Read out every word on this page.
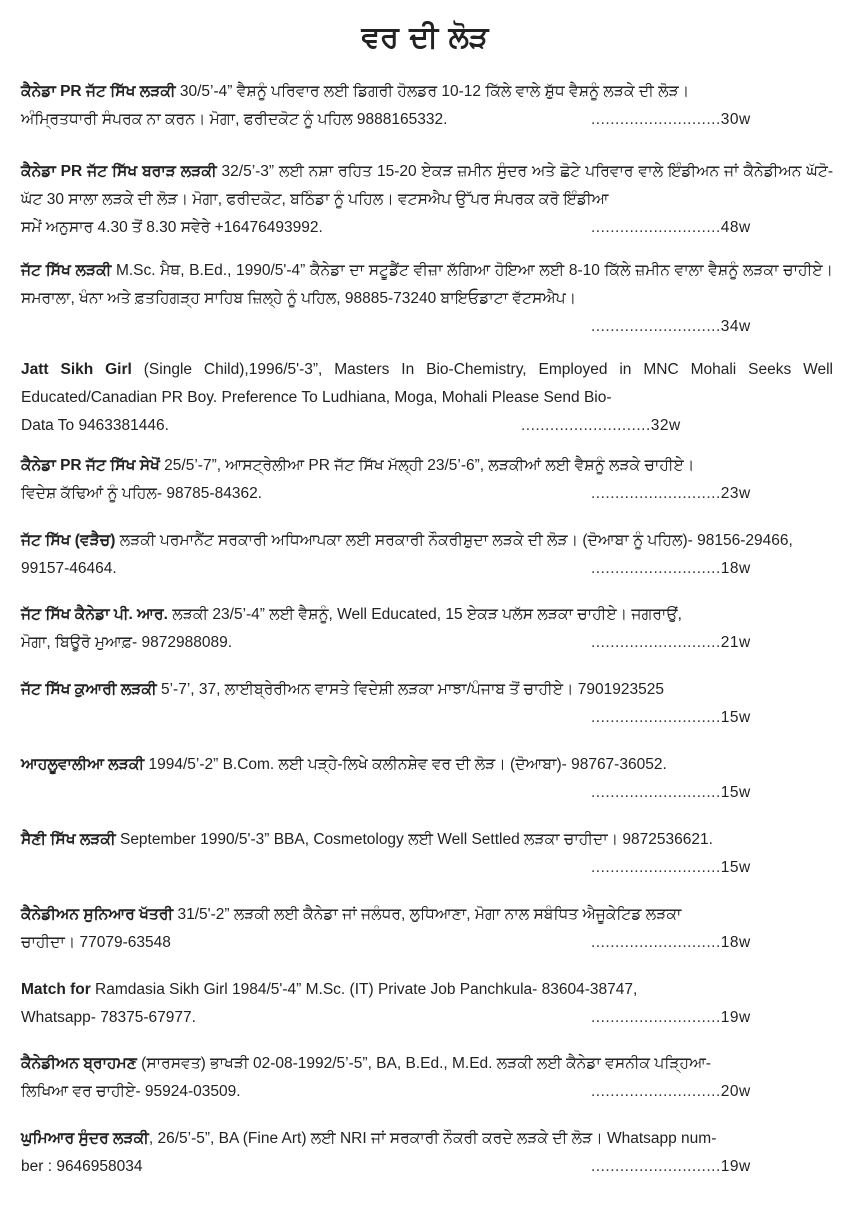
ਵਰ ਦੀ ਲੋੜ
ਕੈਨੇਡਾ PR ਜੱਟ ਸਿੱਖ ਲੜਕੀ 30/5’-4” ਵੈਸ਼ਨੂੰ ਪਰਿਵਾਰ ਲਈ ਡਿਗਰੀ ਹੋਲਡਰ 10-12 ਕਿੱਲੇ ਵਾਲੇ ਸ਼ੁੱਧ ਵੈਸ਼ਨੂੰ ਲੜਕੇ ਦੀ ਲੋੜ।
ਅੰਮ੍ਰਿਤਧਾਰੀ ਸੰਪਰਕ ਨਾ ਕਰਨ। ਮੋਗਾ, ਫਰੀਦਕੋਟ ਨੂੰ ਪਹਿਲ 9888165332.	...........................30w
ਕੈਨੇਡਾ PR ਜੱਟ ਸਿੱਖ ਬਰਾੜ ਲੜਕੀ 32/5’-3” ਲਈ ਨਸ਼ਾ ਰਹਿਤ 15-20 ਏਕੜ ਜ਼ਮੀਨ ਸੁੰਦਰ ਅਤੇ ਛੋਟੇ ਪਰਿਵਾਰ ਵਾਲੇ ਇੰਡੀਅਨ ਜਾਂ ਕੈਨੇਡੀਅਨ ਘੱਟੋ-ਘੱਟ 30 ਸਾਲਾ ਲੜਕੇ ਦੀ ਲੋੜ। ਮੋਗਾ, ਫਰੀਦਕੋਟ, ਬਠਿੰਡਾ ਨੂੰ ਪਹਿਲ। ਵਟਸਐਪ ਉੱਪਰ ਸੰਪਰਕ ਕਰੋ ਇੰਡੀਆ
ਸਮੇਂ ਅਨੁਸਾਰ 4.30 ਤੋਂ 8.30 ਸਵੇਰੇ +16476493992.	...........................48w
ਜੱਟ ਸਿੱਖ ਲੜਕੀ M.Sc. ਮੈਥ, B.Ed., 1990/5'-4” ਕੈਨੇਡਾ ਦਾ ਸਟੂਡੈਂਟ ਵੀਜ਼ਾ ਲੱਗਿਆ ਹੋਇਆ ਲਈ 8-10 ਕਿੱਲੇ ਜ਼ਮੀਨ ਵਾਲਾ ਵੈਸ਼ਨੂੰ ਲੜਕਾ ਚਾਹੀਏ। ਸਮਰਾਲਾ, ਖੰਨਾ ਅਤੇ ਫ਼ਤਹਿਗੜ੍ਹ ਸਾਹਿਬ ਜ਼ਿਲ੍ਹੇ ਨੂੰ ਪਹਿਲ, 98885-73240 ਬਾਇਓਡਾਟਾ ਵੱਟਸਐਪ।
...........................34w
Jatt Sikh Girl (Single Child),1996/5'-3”, Masters In Bio-Chemistry, Employed in MNC Mohali Seeks Well Educated/Canadian PR Boy. Preference To Ludhiana, Moga, Mohali Please Send Bio-
Data To 9463381446.	...........................32w
ਕੈਨੇਡਾ PR ਜੱਟ ਸਿੱਖ ਸੇਖੋਂ 25/5’-7”, ਆਸਟ੍ਰੇਲੀਆ PR ਜੱਟ ਸਿੱਖ ਮੱਲ੍ਹੀ 23/5’-6”, ਲੜਕੀਆਂ ਲਈ ਵੈਸ਼ਨੂੰ ਲੜਕੇ ਚਾਹੀਏ।
ਵਿਦੇਸ਼ ਕੱਢਿਆਂ ਨੂੰ ਪਹਿਲ- 98785-84362.	...........................23w
ਜੱਟ ਸਿੱਖ (ਵੜੈਚ) ਲੜਕੀ ਪਰਮਾਨੈਂਟ ਸਰਕਾਰੀ ਅਧਿਆਪਕਾ ਲਈ ਸਰਕਾਰੀ ਨੌਕਰੀਸ਼ੁਦਾ ਲੜਕੇ ਦੀ ਲੋੜ। (ਦੋਆਬਾ ਨੂੰ ਪਹਿਲ)- 98156-29466,
99157-46464.	...........................18w
ਜੱਟ ਸਿੱਖ ਕੈਨੇਡਾ ਪੀ. ਆਰ. ਲੜਕੀ 23/5’-4” ਲਈ ਵੈਸ਼ਨੂੰ, Well Educated, 15 ਏਕੜ ਪਲੱਸ ਲੜਕਾ ਚਾਹੀਏ। ਜਗਰਾਉਂ,
ਮੋਗਾ, ਬਿਊਰੋ ਮੁਆਫ਼- 9872988089.	...........................21w
ਜੱਟ ਸਿੱਖ ਕੁਆਰੀ ਲੜਕੀ 5’-7’, 37, ਲਾਈਬ੍ਰੇਰੀਅਨ ਵਾਸਤੇ ਵਿਦੇਸ਼ੀ ਲੜਕਾ ਮਾਝਾ/ਪੰਜਾਬ ਤੋਂ ਚਾਹੀਏ। 7901923525
...........................15w
ਆਹਲੂਵਾਲੀਆ ਲੜਕੀ 1994/5’-2” B.Com. ਲਈ ਪੜ੍ਹੇ-ਲਿਖੇ ਕਲੀਨਸ਼ੇਵ ਵਰ ਦੀ ਲੋੜ। (ਦੋਆਬਾ)- 98767-36052.
...........................15w
ਸੈਣੀ ਸਿੱਖ ਲੜਕੀ September 1990/5'-3” BBA, Cosmetology ਲਈ Well Settled ਲੜਕਾ ਚਾਹੀਦਾ। 9872536621.
...........................15w
ਕੈਨੇਡੀਅਨ ਸੁਨਿਆਰ ਖੱਤਰੀ 31/5'-2” ਲੜਕੀ ਲਈ ਕੈਨੇਡਾ ਜਾਂ ਜਲੰਧਰ, ਲੁਧਿਆਣਾ, ਮੋਗਾ ਨਾਲ ਸਬੰਧਿਤ ਐਜੂਕੇਟਿਡ ਲੜਕਾ
ਚਾਹੀਦਾ। 77079-63548	...........................18w
Match for Ramdasia Sikh Girl 1984/5'-4” M.Sc. (IT) Private Job Panchkula- 83604-38747,
Whatsapp- 78375-67977.	...........................19w
ਕੈਨੇਡੀਅਨ ਬ੍ਰਾਹਮਣ (ਸਾਰਸਵਤ) ਭਾਖੜੀ 02-08-1992/5’-5”, BA, B.Ed., M.Ed. ਲੜਕੀ ਲਈ ਕੈਨੇਡਾ ਵਸਨੀਕ ਪੜ੍ਹਿਆ-
ਲਿਖਿਆ ਵਰ ਚਾਹੀਏ- 95924-03509.	...........................20w
ਘੁਮਿਆਰ ਸੁੰਦਰ ਲੜਕੀ, 26/5’-5”, BA (Fine Art) ਲਈ NRI ਜਾਂ ਸਰਕਾਰੀ ਨੌਕਰੀ ਕਰਦੇ ਲੜਕੇ ਦੀ ਲੋੜ। Whatsapp num-
ber : 9646958034	...........................19w
